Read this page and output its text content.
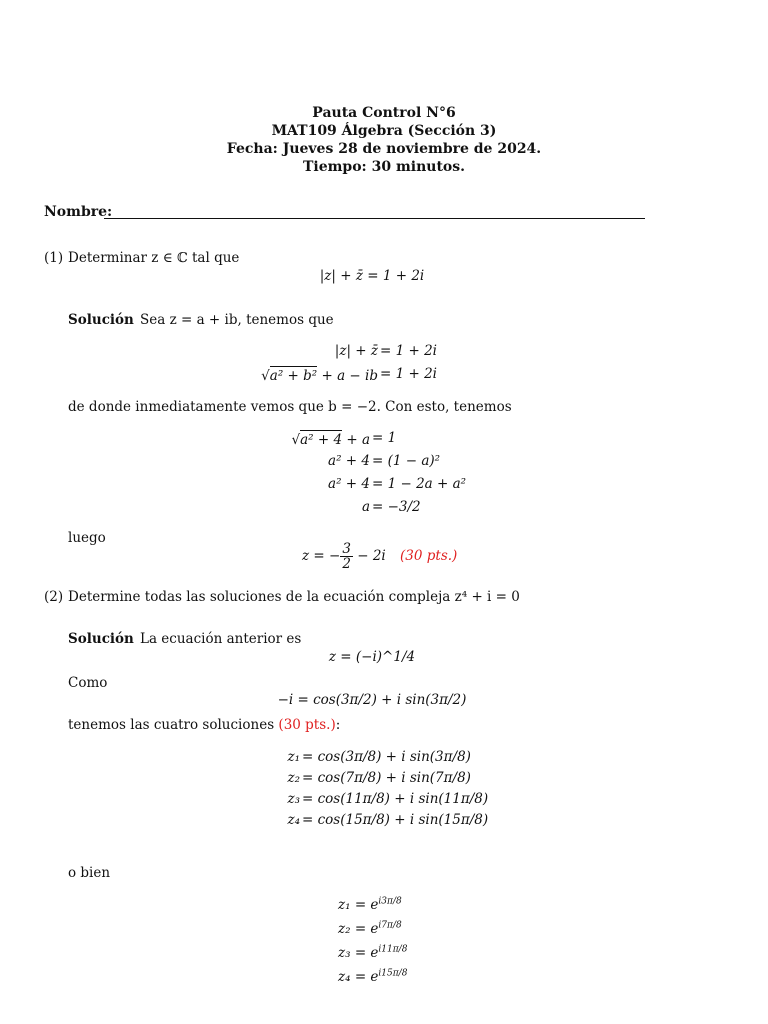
Pauta Control N°6
MAT109 Álgebra (Sección 3)
Fecha: Jueves 28 de noviembre de 2024.
Tiempo: 30 minutos.
Nombre:
(1) Determinar z ∈ ℂ tal que
|z| + z̄ = 1 + 2i
Solución Sea z = a + ib, tenemos que
|z| + z̄ = 1 + 2i
√a² + b² + a − ib = 1 + 2i
de donde inmediatamente vemos que b = −2. Con esto, tenemos
√a² + 4 + a = 1
a² + 4 = (1 − a)²
a² + 4 = 1 − 2a + a²
a = −3/2
luego
z = − $\frac{3}{2} - 2i$ (30 pts.)
(2) Determine todas las soluciones de la ecuación compleja z⁴ + i = 0
Solución La ecuación anterior es
z = (−i)^1/4
Como
−i = cos(3π/2) + i sin(3π/2)
tenemos las cuatro soluciones (30 pts.):
z₁ = cos(3π/8) + i sin(3π/8)
z₂ = cos(7π/8) + i sin(7π/8)
z₃ = cos(11π/8) + i sin(11π/8)
z₄ = cos(15π/8) + i sin(15π/8)
o bien
$z_1 = e^{i3\pi/8}$
$z_2 = e^{i7\pi/8}$
$z_3 = e^{i11\pi/8}$
$z_4 = e^{i15\pi/8}$
